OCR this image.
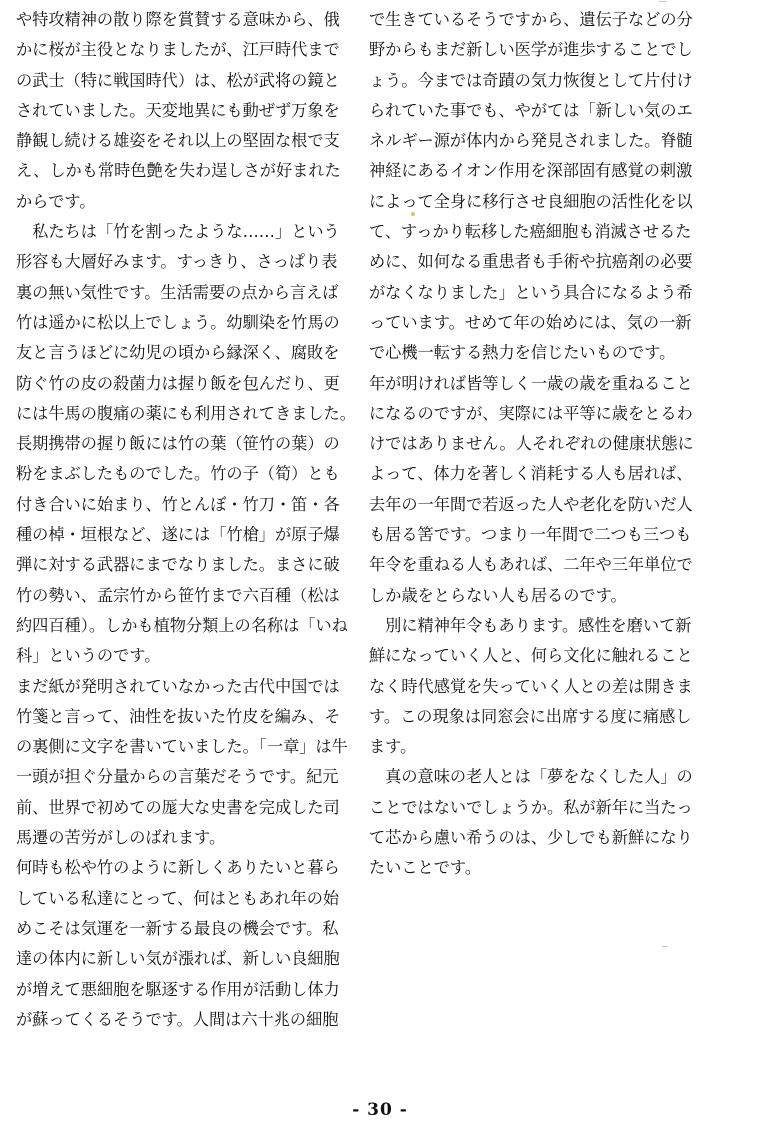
や特攻精神の散り際を賞賛する意味から、俄
かに桜が主役となりましたが、江戸時代まで
の武士（特に戦国時代）は、松が武将の鏡と
されていました。天変地異にも動ぜず万象を
静観し続ける雄姿をそれ以上の堅固な根で支
え、しかも常時色艶を失わ逞しさが好まれた
からです。

　私たちは「竹を割ったような……」という
形容も大層好みます。すっきり、さっぱり表
裏の無い気性です。生活需要の点から言えば
竹は遥かに松以上でしょう。幼馴染を竹馬の
友と言うほどに幼児の頃から縁深く、腐敗を
防ぐ竹の皮の殺菌力は握り飯を包んだり、更
には牛馬の腹痛の薬にも利用されてきました。
長期携帯の握り飯には竹の葉（笹竹の葉）の
粉をまぶしたものでした。竹の子（筍）とも
付き合いに始まり、竹とんぼ・竹刀・笛・各
種の棹・垣根など、遂には「竹槍」が原子爆
弾に対する武器にまでなりました。まさに破
竹の勢い、孟宗竹から笹竹まで六百種（松は
約四百種）。しかも植物分類上の名称は「いね
科」というのです。

まだ紙が発明されていなかった古代中国では
竹箋と言って、油性を抜いた竹皮を編み、そ
の裏側に文字を書いていました。「一章」は牛
一頭が担ぐ分量からの言葉だそうです。紀元
前、世界で初めての厖大な史書を完成した司
馬遷の苦労がしのばれます。

何時も松や竹のように新しくありたいと暮ら
している私達にとって、何はともあれ年の始
めこそは気運を一新する最良の機会です。私
達の体内に新しい気が漲れば、新しい良細胞
が増えて悪細胞を駆逐する作用が活動し体力
が蘇ってくるそうです。人間は六十兆の細胞

で生きているそうですから、遺伝子などの分
野からもまだ新しい医学が進歩することでし
ょう。今までは奇蹟の気力恢復として片付け
られていた事でも、やがては「新しい気のエ
ネルギー源が体内から発見されました。脊髄
神経にあるイオン作用を深部固有感覚の刺激
によって全身に移行させ良細胞の活性化を以
て、すっかり転移した癌細胞も消滅させるた
めに、如何なる重患者も手術や抗癌剤の必要
がなくなりました」という具合になるよう希
っています。せめて年の始めには、気の一新
で心機一転する熱力を信じたいものです。

年が明ければ皆等しく一歳の歳を重ねること
になるのですが、実際には平等に歳をとるわ
けではありません。人それぞれの健康状態に
よって、体力を著しく消耗する人も居れば、
去年の一年間で若返った人や老化を防いだ人
も居る筈です。つまり一年間で二つも三つも
年令を重ねる人もあれば、二年や三年単位で
しか歳をとらない人も居るのです。

　別に精神年令もあります。感性を磨いて新
鮮になっていく人と、何ら文化に触れること
なく時代感覚を失っていく人との差は開きま
す。この現象は同窓会に出席する度に痛感し
ます。

　真の意味の老人とは「夢をなくした人」の
ことではないでしょうか。私が新年に当たっ
て芯から慮い希うのは、少しでも新鮮になり
たいことです。

- 30 -
